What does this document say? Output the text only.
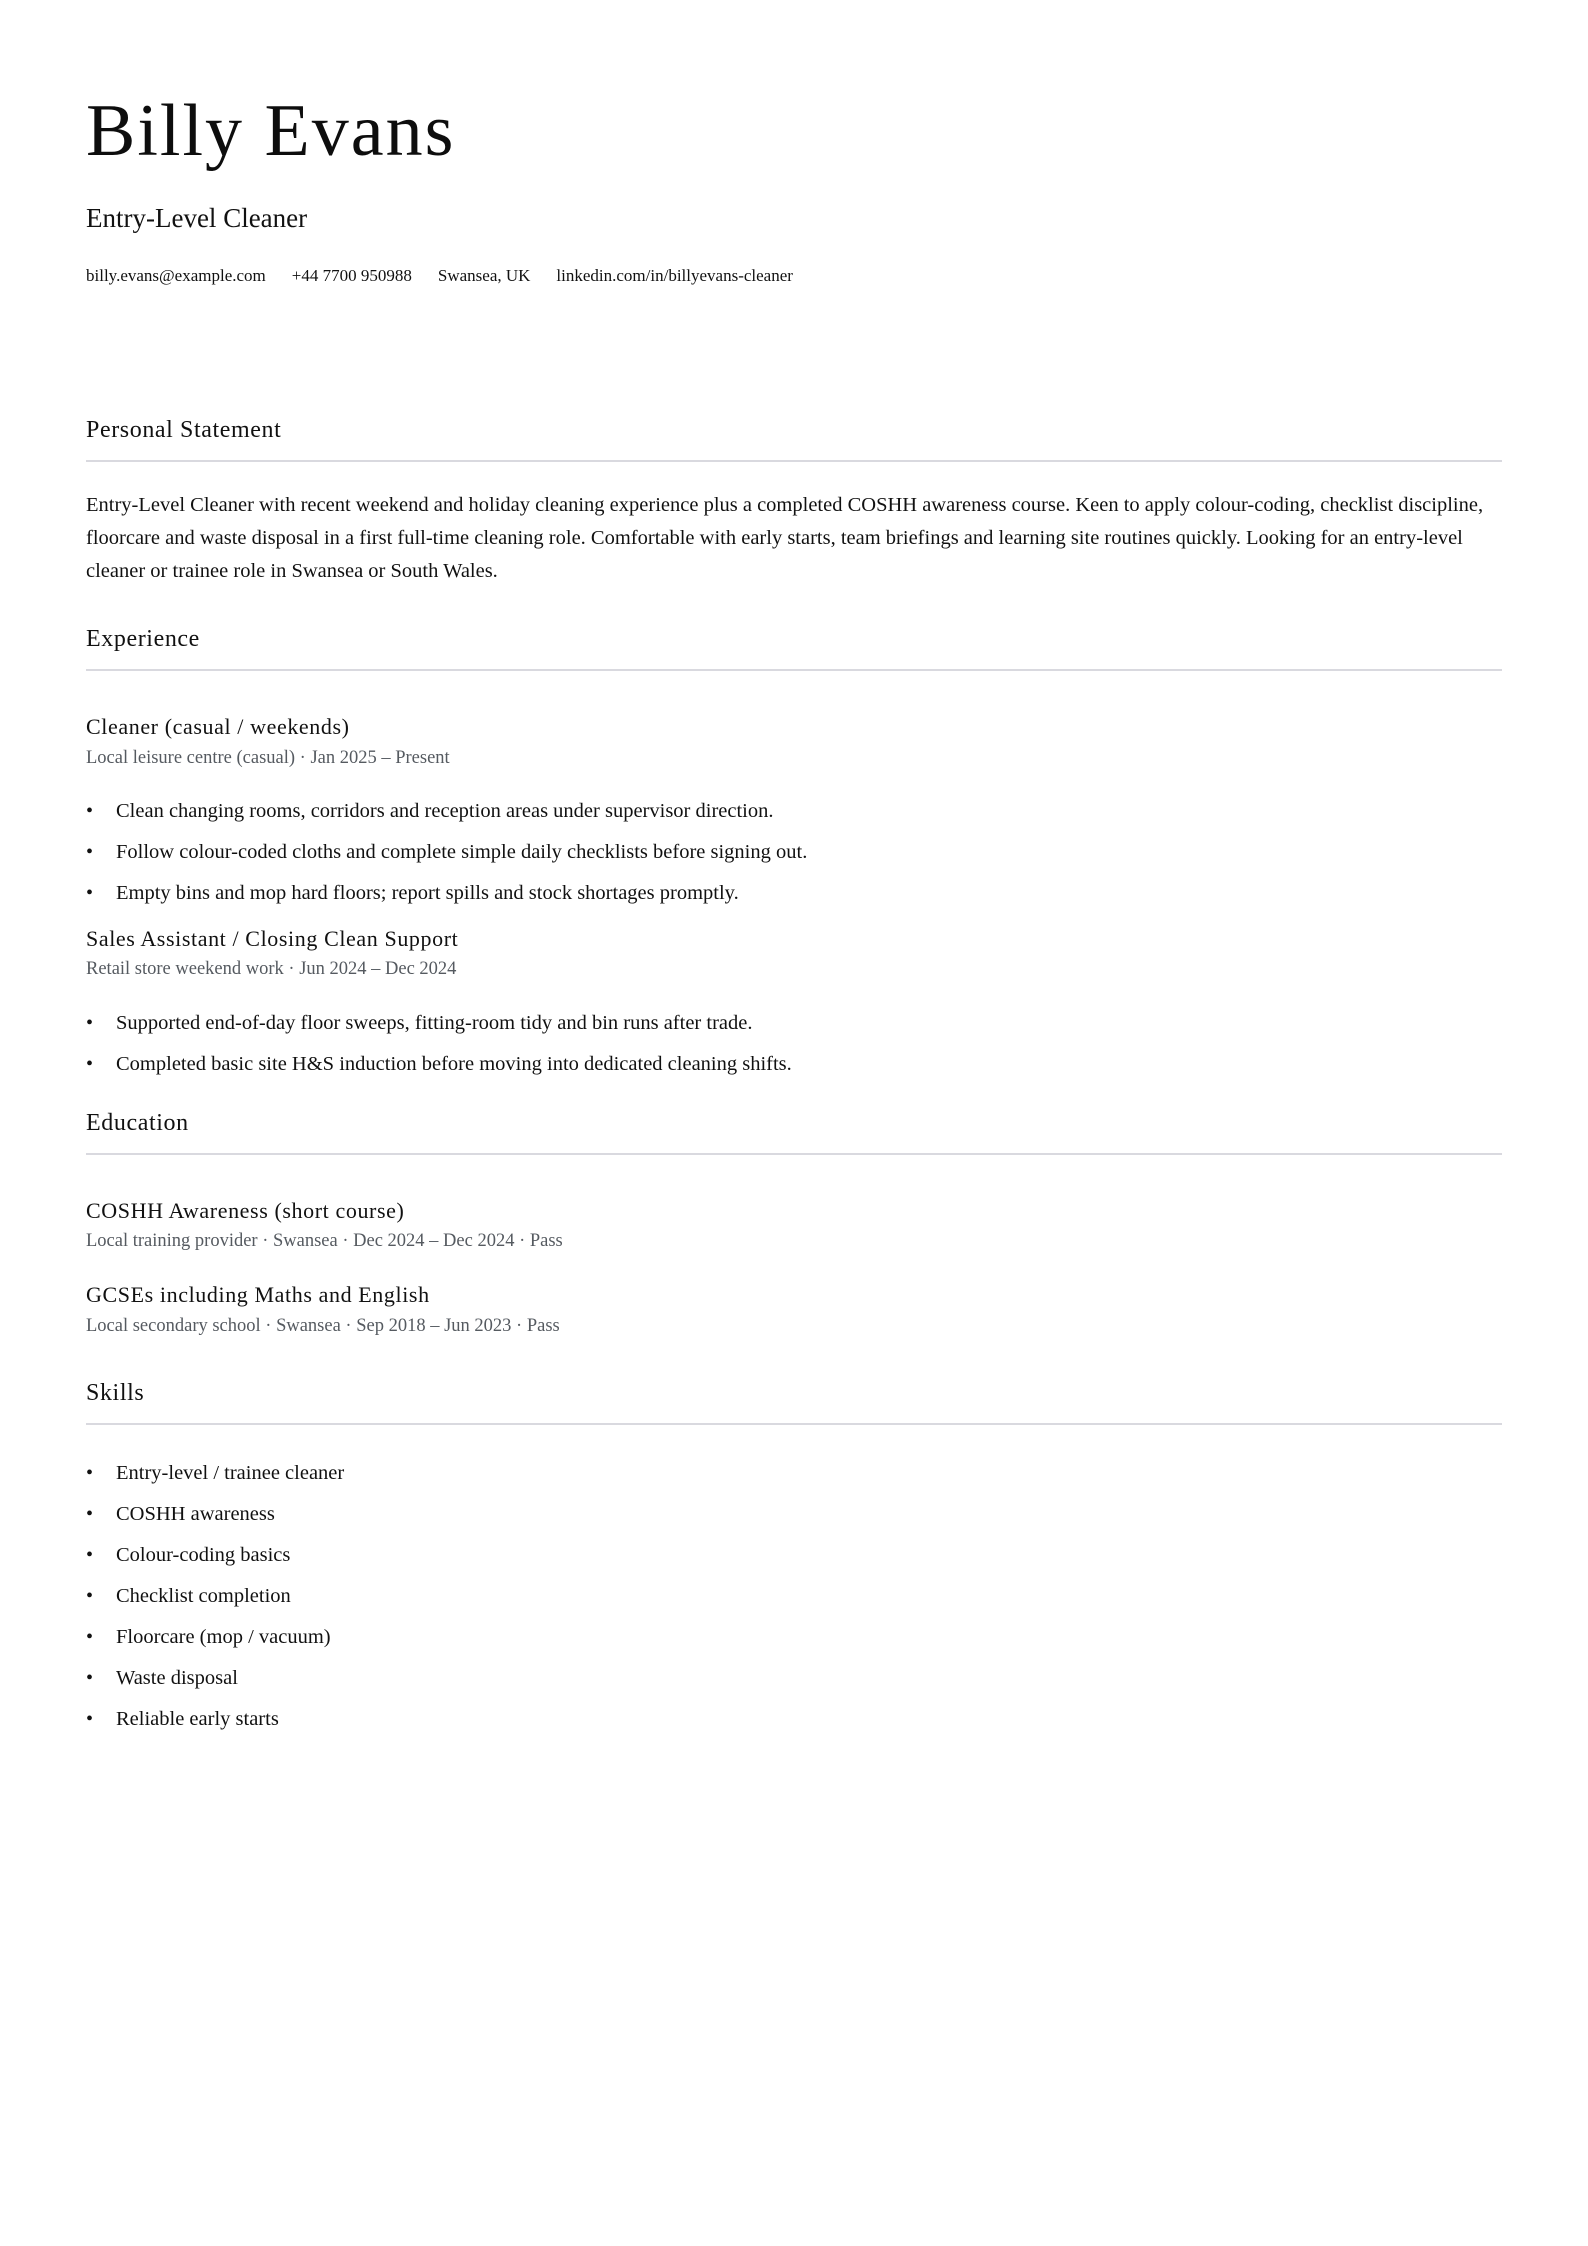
Billy Evans
Entry-Level Cleaner
billy.evans@example.com +44 7700 950988 Swansea, UK linkedin.com/in/billyevans-cleaner
Personal Statement

Entry-Level Cleaner with recent weekend and holiday cleaning experience plus a completed COSHH awareness course. Keen to apply colour-coding, checklist discipline, floorcare and waste disposal in a first full-time cleaning role. Comfortable with early starts, team briefings and learning site routines quickly. Looking for an entry-level cleaner or trainee role in Swansea or South Wales.

Experience
Cleaner (casual / weekends)
Local leisure centre (casual) · Jan 2025 – Present
• Clean changing rooms, corridors and reception areas under supervisor direction.
• Follow colour-coded cloths and complete simple daily checklists before signing out.
• Empty bins and mop hard floors; report spills and stock shortages promptly.
Sales Assistant / Closing Clean Support
Retail store weekend work · Jun 2024 – Dec 2024
• Supported end-of-day floor sweeps, fitting-room tidy and bin runs after trade.
• Completed basic site H&S induction before moving into dedicated cleaning shifts.
Education
COSHH Awareness (short course)
Local training provider · Swansea · Dec 2024 – Dec 2024 · Pass
GCSEs including Maths and English
Local secondary school · Swansea · Sep 2018 – Jun 2023 · Pass
Skills
• Entry-level / trainee cleaner
• COSHH awareness
• Colour-coding basics
• Checklist completion
• Floorcare (mop / vacuum)
• Waste disposal
• Reliable early starts
